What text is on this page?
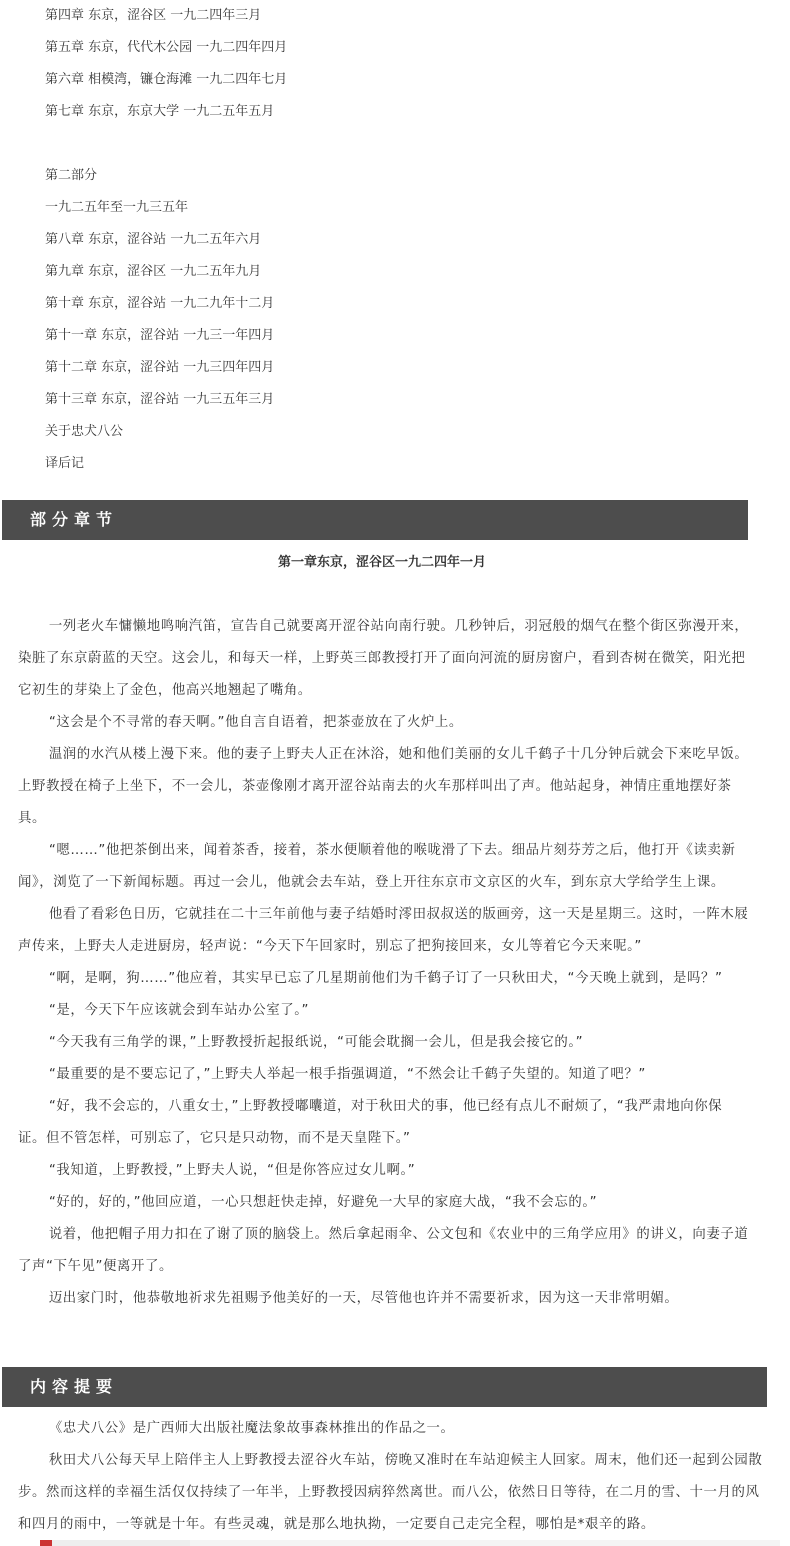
第四章 东京，涩谷区 一九二四年三月
第五章 东京，代代木公园 一九二四年四月
第六章 相模湾，镰仓海滩 一九二四年七月
第七章 东京，东京大学 一九二五年五月
第二部分
一九二五年至一九三五年
第八章 东京，涩谷站 一九二五年六月
第九章 东京，涩谷区 一九二五年九月
第十章 东京，涩谷站 一九二九年十二月
第十一章 东京，涩谷站 一九三一年四月
第十二章 东京，涩谷站 一九三四年四月
第十三章 东京，涩谷站 一九三五年三月
关于忠犬八公
译后记
部分章节
第一章东京，涩谷区一九二四年一月

一列老火车慵懒地鸣响汽笛，宣告自己就要离开涩谷站向南行驶。几秒钟后，羽冠般的烟气在整个街区弥漫开来，染脏了东京蔚蓝的天空。这会儿，和每天一样，上野英三郎教授打开了面向河流的厨房窗户，看到杏树在微笑，阳光把它初生的芽染上了金色，他高兴地翘起了嘴角。

“这会是个不寻常的春天啊。”他自言自语着，把茶壶放在了火炉上。

温润的水汽从楼上漫下来。他的妻子上野夫人正在沐浴，她和他们美丽的女儿千鹤子十几分钟后就会下来吃早饭。上野教授在椅子上坐下，不一会儿，茶壶像刚才离开涩谷站南去的火车那样叫出了声。他站起身，神情庄重地摆好茶具。

“嗯……”他把茶倒出来，闻着茶香，接着，茶水便顺着他的喉咙滑了下去。细品片刻芬芳之后，他打开《读卖新闻》，浏览了一下新闻标题。再过一会儿，他就会去车站，登上开往东京市文京区的火车，到东京大学给学生上课。

他看了看彩色日历，它就挂在二十三年前他与妻子结婚时澪田叔叔送的版画旁，这一天是星期三。这时，一阵木屐声传来，上野夫人走进厨房，轻声说：“今天下午回家时，别忘了把狗接回来，女儿等着它今天来呢。”

“啊，是啊，狗……”他应着，其实早已忘了几星期前他们为千鹤子订了一只秋田犬，“今天晚上就到，是吗？”

“是，今天下午应该就会到车站办公室了。”

“今天我有三角学的课，”上野教授折起报纸说，“可能会耽搁一会儿，但是我会接它的。”

“最重要的是不要忘记了，”上野夫人举起一根手指强调道，“不然会让千鹤子失望的。知道了吧？”

“好，我不会忘的，八重女士，”上野教授嘟囔道，对于秋田犬的事，他已经有点儿不耐烦了，“我严肃地向你保证。但不管怎样，可别忘了，它只是只动物，而不是天皇陛下。”

“我知道，上野教授，”上野夫人说，“但是你答应过女儿啊。”

“好的，好的，”他回应道，一心只想赶快走掉，好避免一大早的家庭大战，“我不会忘的。”

说着，他把帽子用力扣在了谢了顶的脑袋上。然后拿起雨伞、公文包和《农业中的三角学应用》的讲义，向妻子道了声“下午见”便离开了。

迈出家门时，他恭敬地祈求先祖赐予他美好的一天，尽管他也许并不需要祈求，因为这一天非常明媚。

内容提要

《忠犬八公》是广西师大出版社魔法象故事森林推出的作品之一。

秋田犬八公每天早上陪伴主人上野教授去涩谷火车站，傍晚又准时在车站迎候主人回家。周末，他们还一起到公园散步。然而这样的幸福生活仅仅持续了一年半，上野教授因病猝然离世。而八公，依然日日等待，在二月的雪、十一月的风和四月的雨中，一等就是十年。有些灵魂，就是那么地执拗，一定要自己走完全程，哪怕是*艰辛的路。
